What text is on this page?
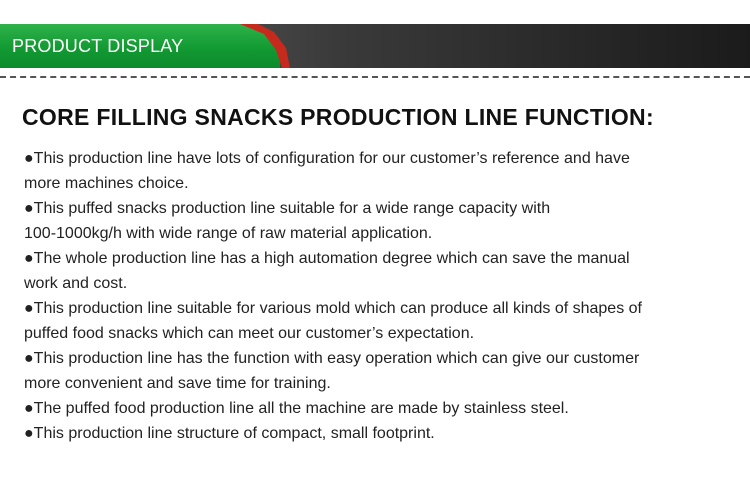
PRODUCT DISPLAY
CORE FILLING SNACKS PRODUCTION LINE FUNCTION:
●This production line have lots of configuration for our customer’s reference and have
more machines choice.
●This puffed snacks production line suitable for a wide range capacity with
100-1000kg/h with wide range of raw material application.
●The whole production line has a high automation degree which can save the manual
work and cost.
●This production line suitable for various mold which can produce all kinds of shapes of
puffed food snacks which can meet our customer’s expectation.
●This production line has the function with easy operation which can give our customer
more convenient and save time for training.
●The puffed food production line all the machine are made by stainless steel.
●This production line structure of compact, small footprint.
